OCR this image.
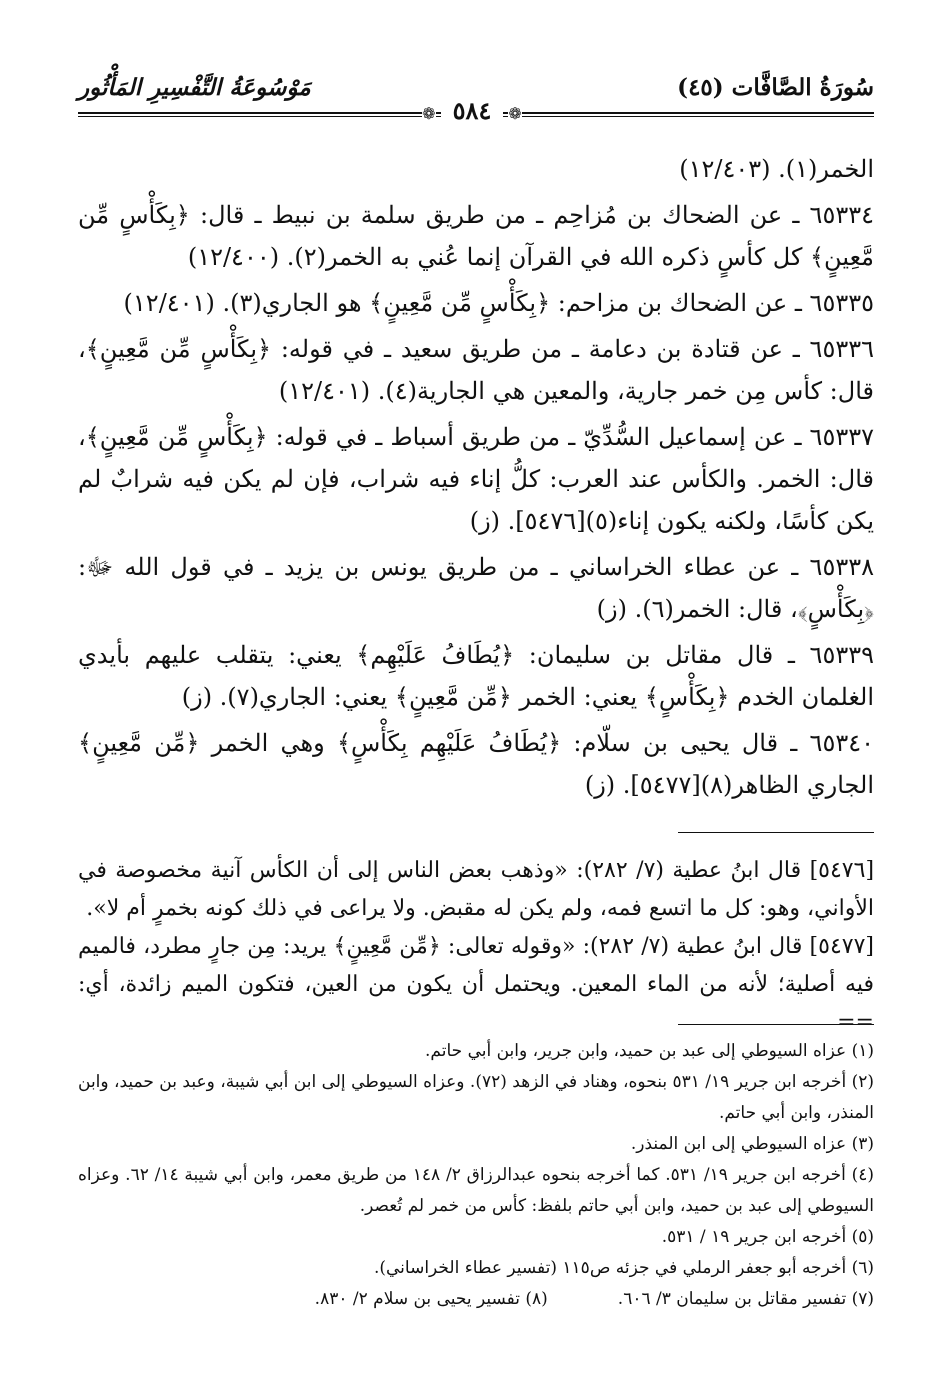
سُورَةُ الصَّافَّات (٤٥)
مَوْسُوعَةُ التَّفْسِيرِ المَأْثُور
❁ ٥٨٤ ❁

الخمر(١). (١٢/٤٠٣)

٦٥٣٣٤ ـ عن الضحاك بن مُزاحِم ـ من طريق سلمة بن نبيط ـ قال: ﴿بِكَأْسٍ مِّن مَّعِينٍ﴾ كل كأسٍ ذكره الله في القرآن إنما عُني به الخمر(٢). (١٢/٤٠٠)

٦٥٣٣٥ ـ عن الضحاك بن مزاحم: ﴿بِكَأْسٍ مِّن مَّعِينٍ﴾ هو الجاري(٣). (١٢/٤٠١)

٦٥٣٣٦ ـ عن قتادة بن دعامة ـ من طريق سعيد ـ في قوله: ﴿بِكَأْسٍ مِّن مَّعِينٍ﴾، قال: كأس مِن خمر جارية، والمعين هي الجارية(٤). (١٢/٤٠١)

٦٥٣٣٧ ـ عن إسماعيل السُّدِّيّ ـ من طريق أسباط ـ في قوله: ﴿بِكَأْسٍ مِّن مَّعِينٍ﴾، قال: الخمر. والكأس عند العرب: كلُّ إناء فيه شراب، فإن لم يكن فيه شرابٌ لم يكن كأسًا، ولكنه يكون إناء(٥)[٥٤٧٦]. (ز)

٦٥٣٣٨ ـ عن عطاء الخراساني ـ من طريق يونس بن يزيد ـ في قول الله ﷻ: ﴿بِكَأْسٍ﴾، قال: الخمر(٦). (ز)

٦٥٣٣٩ ـ قال مقاتل بن سليمان: ﴿يُطَافُ عَلَيْهِم﴾ يعني: يتقلب عليهم بأيدي الغلمان الخدم ﴿بِكَأْسٍ﴾ يعني: الخمر ﴿مِّن مَّعِينٍ﴾ يعني: الجاري(٧). (ز)

٦٥٣٤٠ ـ قال يحيى بن سلّام: ﴿يُطَافُ عَلَيْهِم بِكَأْسٍ﴾ وهي الخمر ﴿مِّن مَّعِينٍ﴾ الجاري الظاهر(٨)[٥٤٧٧]. (ز)

[٥٤٧٦] قال ابنُ عطية (٧/ ٢٨٢): «وذهب بعض الناس إلى أن الكأس آنية مخصوصة في الأواني، وهو: كل ما اتسع فمه، ولم يكن له مقبض. ولا يراعى في ذلك كونه بخمرٍ أم لا».

[٥٤٧٧] قال ابنُ عطية (٧/ ٢٨٢): «وقوله تعالى: ﴿مِّن مَّعِينٍ﴾ يريد: مِن جارٍ مطرد، فالميم فيه أصلية؛ لأنه من الماء المعين. ويحتمل أن يكون من العين، فتكون الميم زائدة، أي: ==

(١) عزاه السيوطي إلى عبد بن حميد، وابن جرير، وابن أبي حاتم.

(٢) أخرجه ابن جرير ١٩/ ٥٣١ بنحوه، وهناد في الزهد (٧٢). وعزاه السيوطي إلى ابن أبي شيبة، وعبد بن حميد، وابن المنذر، وابن أبي حاتم.

(٣) عزاه السيوطي إلى ابن المنذر.

(٤) أخرجه ابن جرير ١٩/ ٥٣١. كما أخرجه بنحوه عبدالرزاق ٢/ ١٤٨ من طريق معمر، وابن أبي شيبة ١٤/ ٦٢. وعزاه السيوطي إلى عبد بن حميد، وابن أبي حاتم بلفظ: كأس من خمر لم تُعصر.

(٥) أخرجه ابن جرير ١٩ / ٥٣١.

(٦) أخرجه أبو جعفر الرملي في جزئه ص١١٥ (تفسير عطاء الخراساني).

(٧) تفسير مقاتل بن سليمان ٣/ ٦٠٦.
(٨) تفسير يحيى بن سلام ٢/ ٨٣٠.
